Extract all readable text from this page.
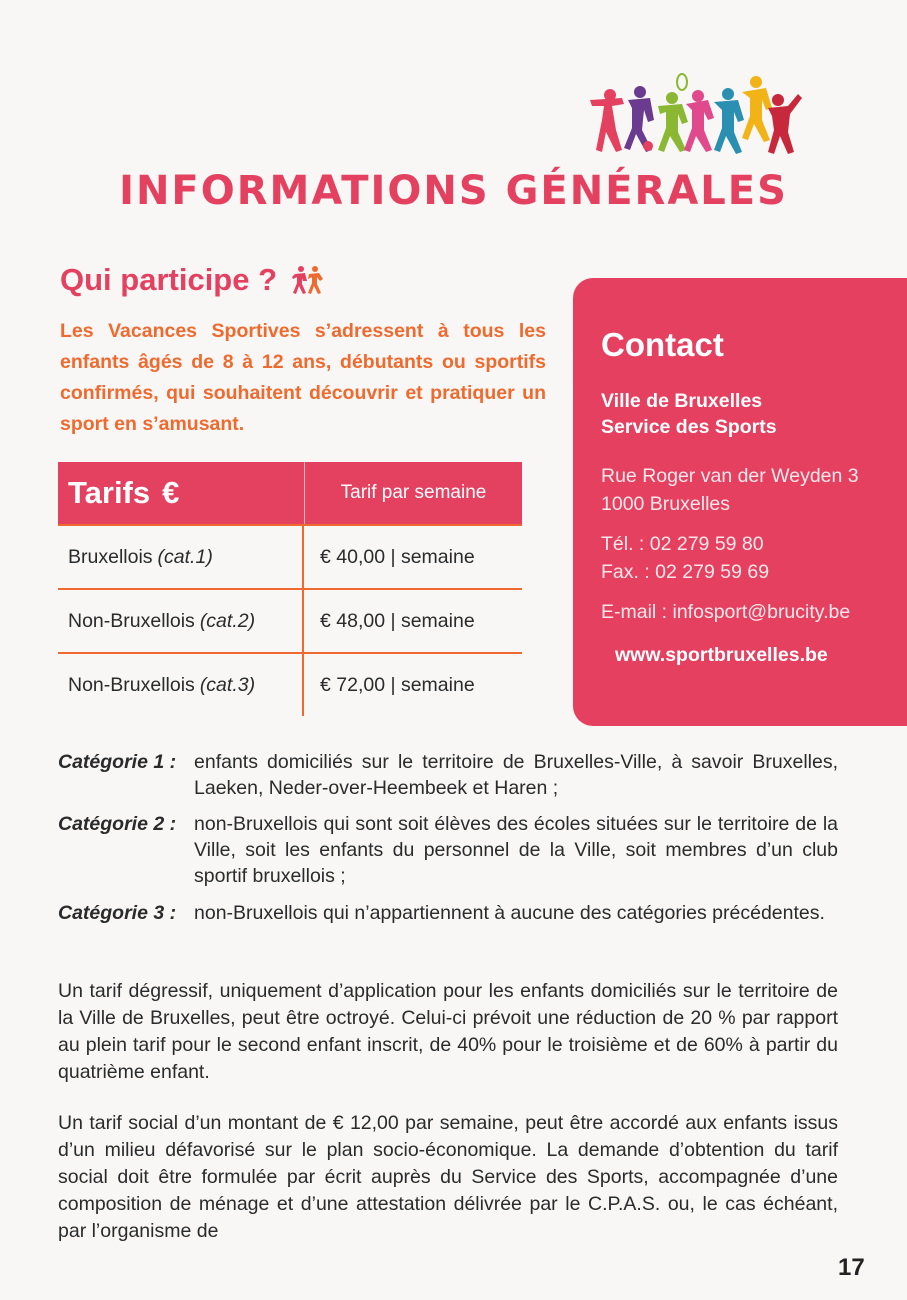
INFORMATIONS GÉNÉRALES
Qui participe ?
Les Vacances Sportives s’adressent à tous les enfants âgés de 8 à 12 ans, débutants ou sportifs confirmés, qui souhaitent découvrir et pratiquer un sport en s’amusant.
Tarifs €	Tarif par semaine
Bruxellois (cat.1)	€ 40,00 | semaine
Non-Bruxellois (cat.2)	€ 48,00 | semaine
Non-Bruxellois (cat.3)	€ 72,00 | semaine
Contact
Ville de Bruxelles
Service des Sports
Rue Roger van der Weyden 3
1000 Bruxelles
Tél. : 02 279 59 80
Fax. : 02 279 59 69
E-mail : infosport@brucity.be
www.sportbruxelles.be
Catégorie 1 : enfants domiciliés sur le territoire de Bruxelles-Ville, à savoir Bruxelles, Laeken, Neder-over-Heembeek et Haren ;
Catégorie 2 : non-Bruxellois qui sont soit élèves des écoles situées sur le territoire de la Ville, soit les enfants du personnel de la Ville, soit membres d’un club sportif bruxellois ;
Catégorie 3 : non-Bruxellois qui n’appartiennent à aucune des catégories précédentes.
Un tarif dégressif, uniquement d’application pour les enfants domiciliés sur le territoire de la Ville de Bruxelles, peut être octroyé. Celui-ci prévoit une réduction de 20 % par rapport au plein tarif pour le second enfant inscrit, de 40% pour le troisième et de 60% à partir du quatrième enfant.
Un tarif social d’un montant de € 12,00 par semaine, peut être accordé aux enfants issus d’un milieu défavorisé sur le plan socio-économique. La demande d’obtention du tarif social doit être formulée par écrit auprès du Service des Sports, accompagnée d’une composition de ménage et d’une attestation délivrée par le C.P.A.S. ou, le cas échéant, par l’organisme de
17
